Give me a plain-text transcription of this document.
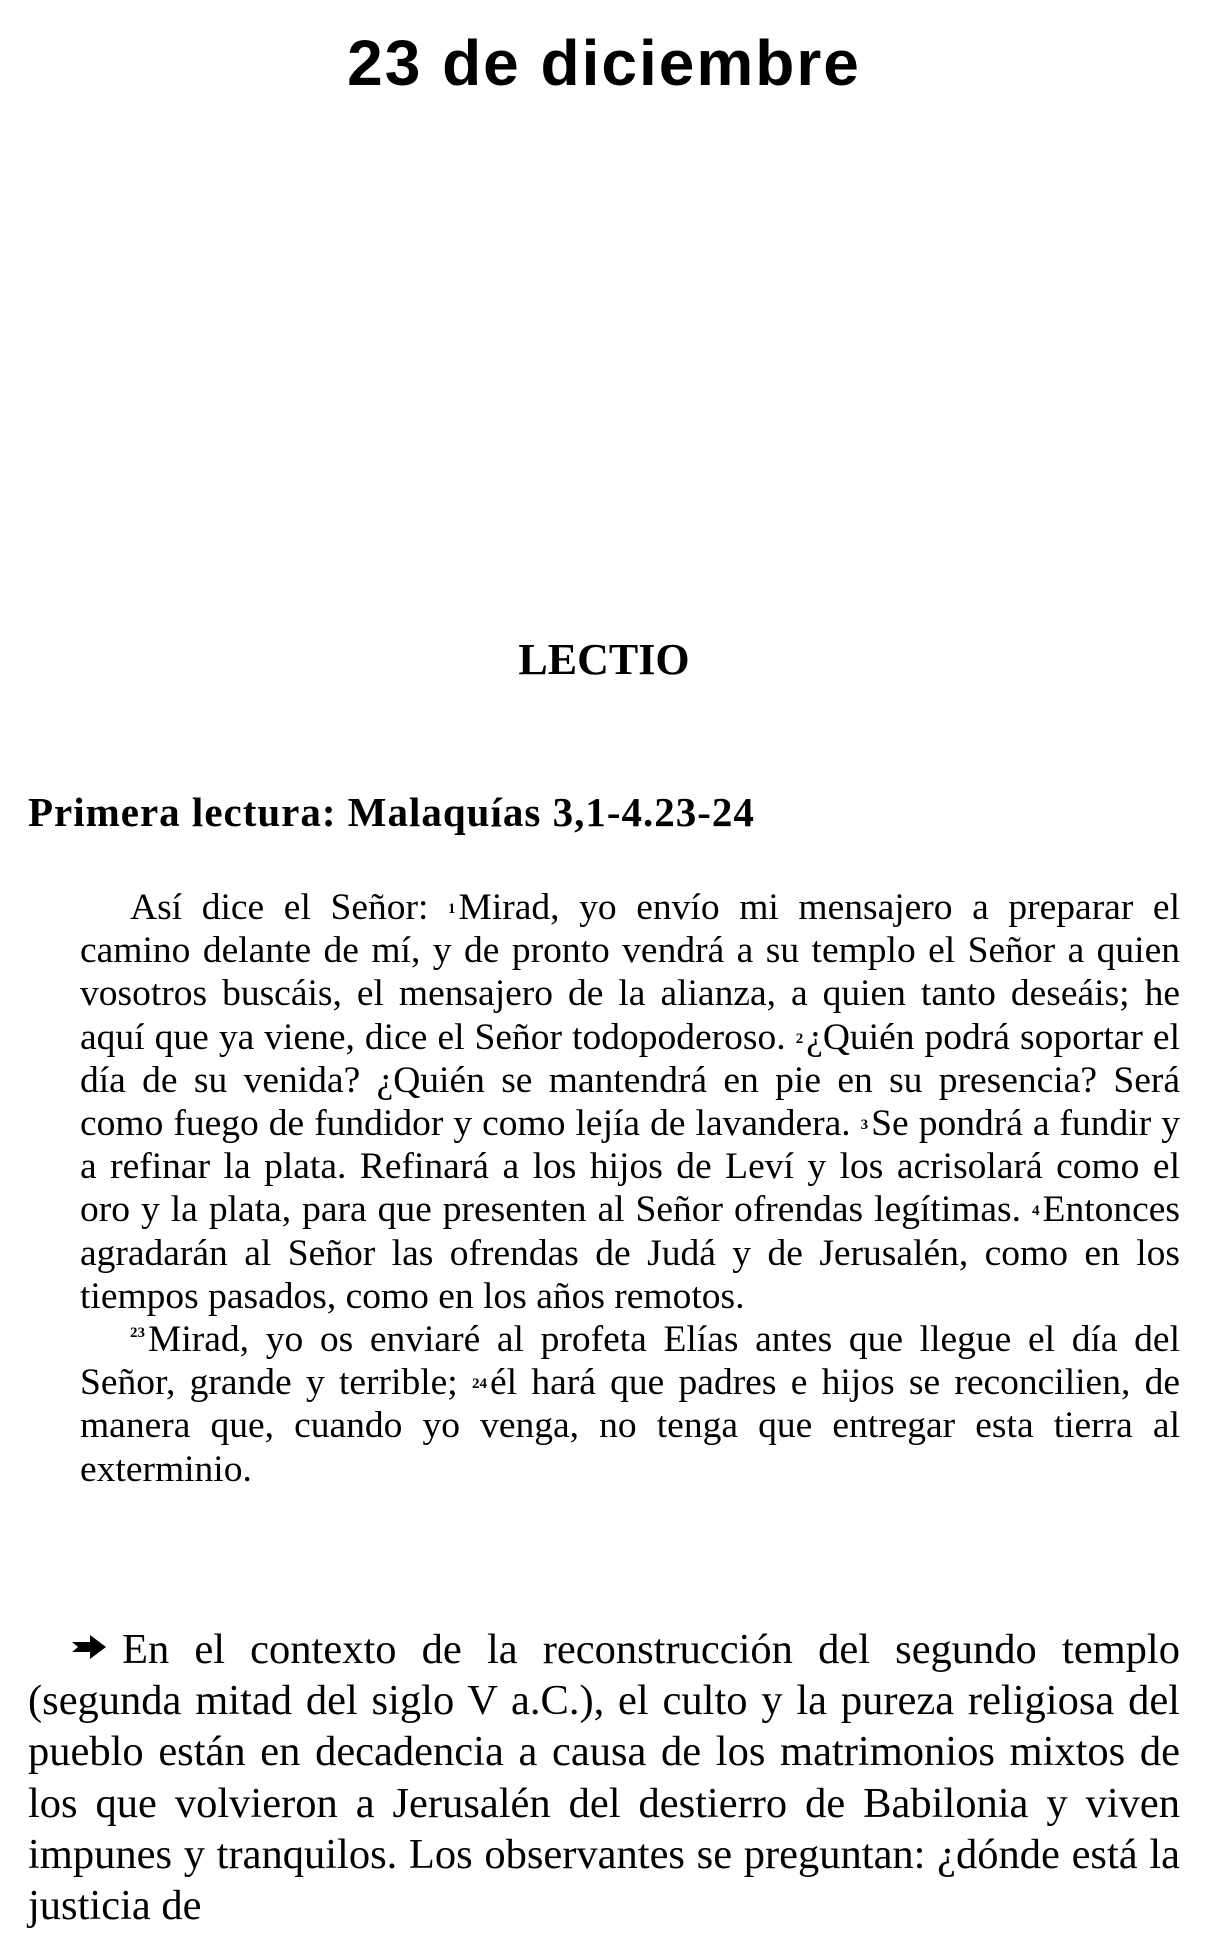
23 de diciembre
LECTIO
Primera lectura: Malaquías 3,1-4.23-24

Así dice el Señor: 1Mirad, yo envío mi mensajero a preparar el camino delante de mí, y de pronto vendrá a su templo el Señor a quien vosotros buscáis, el mensajero de la alianza, a quien tanto deseáis; he aquí que ya viene, dice el Señor todopoderoso. 2¿Quién podrá soportar el día de su venida? ¿Quién se mantendrá en pie en su presencia? Será como fuego de fundidor y como lejía de lavandera. 3Se pondrá a fundir y a refinar la plata. Refinará a los hijos de Leví y los acrisolará como el oro y la plata, para que presenten al Señor ofrendas legítimas. 4Entonces agradarán al Señor las ofrendas de Judá y de Jerusalén, como en los tiempos pasados, como en los años remotos.

$^{23}$Mirad, yo os enviaré al profeta Elías antes que llegue el día del Señor, grande y terrible; 24él hará que padres e hijos se reconcilien, de manera que, cuando yo venga, no tenga que entregar esta tierra al exterminio.

En el contexto de la reconstrucción del segundo templo (segunda mitad del siglo V a.C.), el culto y la pureza religiosa del pueblo están en decadencia a causa de los matrimonios mixtos de los que volvieron a Jerusalén del destierro de Babilonia y viven impunes y tranquilos. Los observantes se preguntan: ¿dónde está la justicia de
